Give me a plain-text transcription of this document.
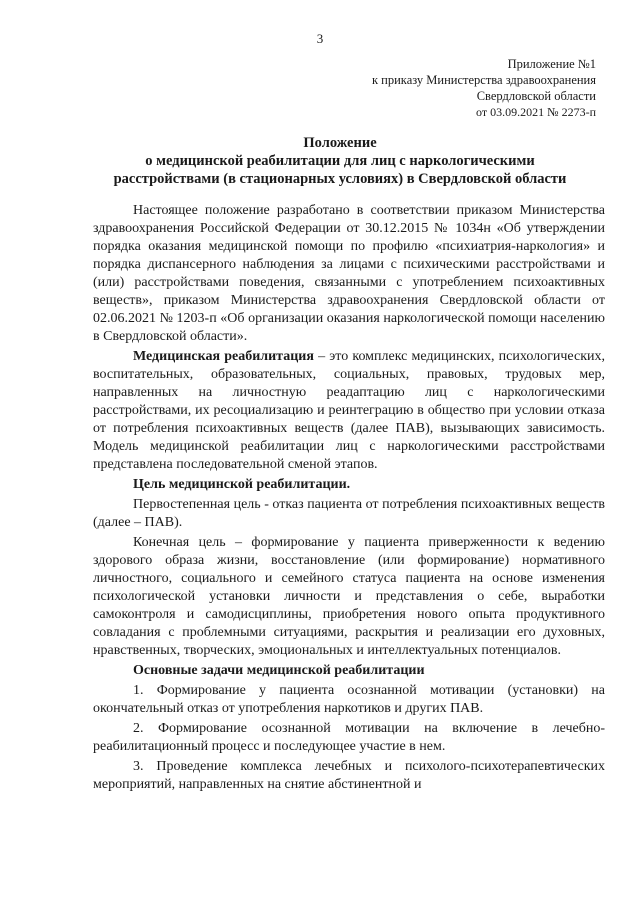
3
Приложение №1
к приказу Министерства здравоохранения
Свердловской области
от 03.09.2021 № 2273-п
Положение
о медицинской реабилитации для лиц с наркологическими
расстройствами (в стационарных условиях) в Свердловской области

Настоящее положение разработано в соответствии приказом Министерства здравоохранения Российской Федерации от 30.12.2015 № 1034н «Об утверждении порядка оказания медицинской помощи по профилю «психиатрия-наркология» и порядка диспансерного наблюдения за лицами с психическими расстройствами и (или) расстройствами поведения, связанными с употреблением психоактивных веществ», приказом Министерства здравоохранения Свердловской области от 02.06.2021 № 1203-п «Об организации оказания наркологической помощи населению в Свердловской области».

Медицинская реабилитация – это комплекс медицинских, психологических, воспитательных, образовательных, социальных, правовых, трудовых мер, направленных на личностную реадаптацию лиц с наркологическими расстройствами, их ресоциализацию и реинтеграцию в общество при условии отказа от потребления психоактивных веществ (далее ПАВ), вызывающих зависимость. Модель медицинской реабилитации лиц с наркологическими расстройствами представлена последовательной сменой этапов.

Цель медицинской реабилитации.

Первостепенная цель - отказ пациента от потребления психоактивных веществ (далее – ПАВ).

Конечная цель – формирование у пациента приверженности к ведению здорового образа жизни, восстановление (или формирование) нормативного личностного, социального и семейного статуса пациента на основе изменения психологической установки личности и представления о себе, выработки самоконтроля и самодисциплины, приобретения нового опыта продуктивного совладания с проблемными ситуациями, раскрытия и реализации его духовных, нравственных, творческих, эмоциональных и интеллектуальных потенциалов.

Основные задачи медицинской реабилитации

1. Формирование у пациента осознанной мотивации (установки) на окончательный отказ от употребления наркотиков и других ПАВ.

2. Формирование осознанной мотивации на включение в лечебно-реабилитационный процесс и последующее участие в нем.

3. Проведение комплекса лечебных и психолого-психотерапевтических мероприятий, направленных на снятие абстинентной и
